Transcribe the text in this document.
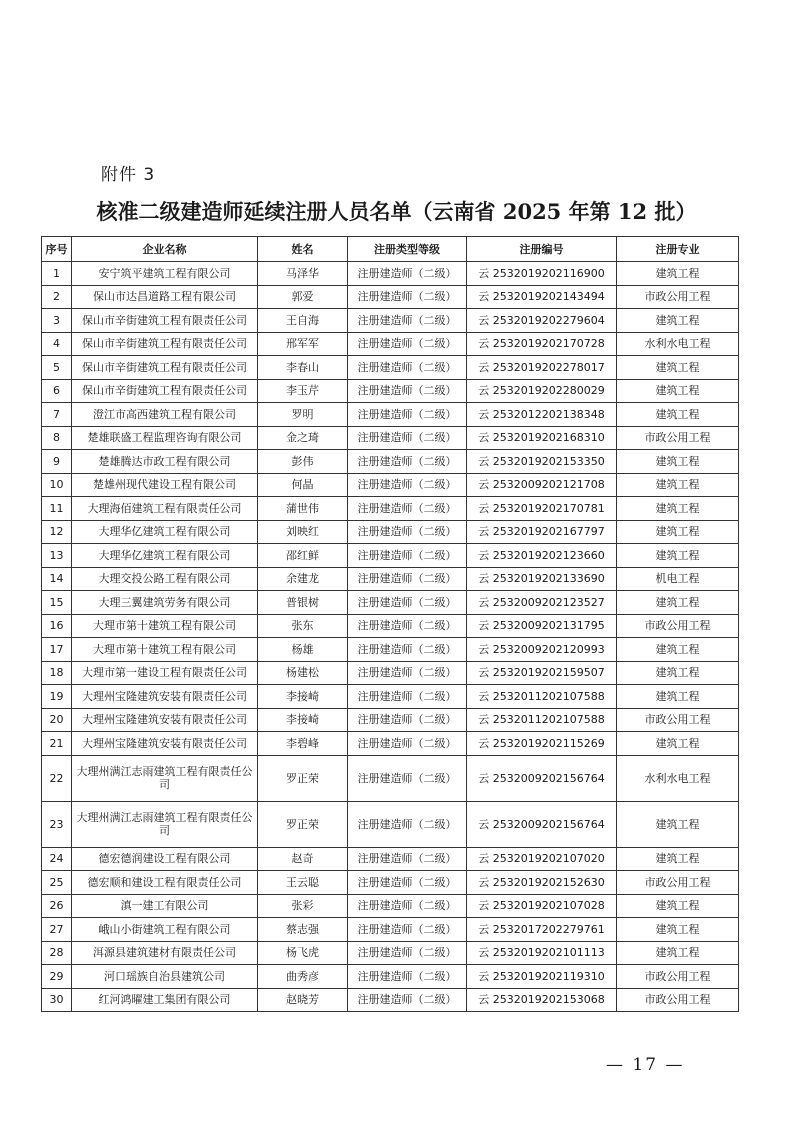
附件 3
核准二级建造师延续注册人员名单（云南省 2025 年第 12 批）
序号	企业名称	姓名	注册类型等级	注册编号	注册专业
1	安宁筑平建筑工程有限公司	马泽华	注册建造师（二级）	云 2532019202116900	建筑工程
2	保山市达昌道路工程有限公司	郭爱	注册建造师（二级）	云 2532019202143494	市政公用工程
3	保山市辛街建筑工程有限责任公司	王自海	注册建造师（二级）	云 2532019202279604	建筑工程
4	保山市辛街建筑工程有限责任公司	邢军军	注册建造师（二级）	云 2532019202170728	水利水电工程
5	保山市辛街建筑工程有限责任公司	李春山	注册建造师（二级）	云 2532019202278017	建筑工程
6	保山市辛街建筑工程有限责任公司	李玉芹	注册建造师（二级）	云 2532019202280029	建筑工程
7	澄江市高西建筑工程有限公司	罗明	注册建造师（二级）	云 2532012202138348	建筑工程
8	楚雄联盛工程监理咨询有限公司	金之琦	注册建造师（二级）	云 2532019202168310	市政公用工程
9	楚雄腾达市政工程有限公司	彭伟	注册建造师（二级）	云 2532019202153350	建筑工程
10	楚雄州现代建设工程有限公司	何晶	注册建造师（二级）	云 2532009202121708	建筑工程
11	大理海佰建筑工程有限责任公司	蒲世伟	注册建造师（二级）	云 2532019202170781	建筑工程
12	大理华亿建筑工程有限公司	刘映红	注册建造师（二级）	云 2532019202167797	建筑工程
13	大理华亿建筑工程有限公司	邵红鲜	注册建造师（二级）	云 2532019202123660	建筑工程
14	大理交投公路工程有限公司	余建龙	注册建造师（二级）	云 2532019202133690	机电工程
15	大理三翼建筑劳务有限公司	普银树	注册建造师（二级）	云 2532009202123527	建筑工程
16	大理市第十建筑工程有限公司	张东	注册建造师（二级）	云 2532009202131795	市政公用工程
17	大理市第十建筑工程有限公司	杨雄	注册建造师（二级）	云 2532009202120993	建筑工程
18	大理市第一建设工程有限责任公司	杨建松	注册建造师（二级）	云 2532019202159507	建筑工程
19	大理州宝隆建筑安装有限责任公司	李接崎	注册建造师（二级）	云 2532011202107588	建筑工程
20	大理州宝隆建筑安装有限责任公司	李接崎	注册建造师（二级）	云 2532011202107588	市政公用工程
21	大理州宝隆建筑安装有限责任公司	李碧峰	注册建造师（二级）	云 2532019202115269	建筑工程
22	大理州满江志雨建筑工程有限责任公司	罗正荣	注册建造师（二级）	云 2532009202156764	水利水电工程
23	大理州满江志雨建筑工程有限责任公司	罗正荣	注册建造师（二级）	云 2532009202156764	建筑工程
24	德宏德润建设工程有限公司	赵奇	注册建造师（二级）	云 2532019202107020	建筑工程
25	德宏顺和建设工程有限责任公司	王云聪	注册建造师（二级）	云 2532019202152630	市政公用工程
26	滇一建工有限公司	张彩	注册建造师（二级）	云 2532019202107028	建筑工程
27	峨山小街建筑工程有限公司	蔡志强	注册建造师（二级）	云 2532017202279761	建筑工程
28	洱源县建筑建材有限责任公司	杨飞虎	注册建造师（二级）	云 2532019202101113	建筑工程
29	河口瑶族自治县建筑公司	曲秀彦	注册建造师（二级）	云 2532019202119310	市政公用工程
30	红河鸿曜建工集团有限公司	赵晓芳	注册建造师（二级）	云 2532019202153068	市政公用工程
— 17 —
